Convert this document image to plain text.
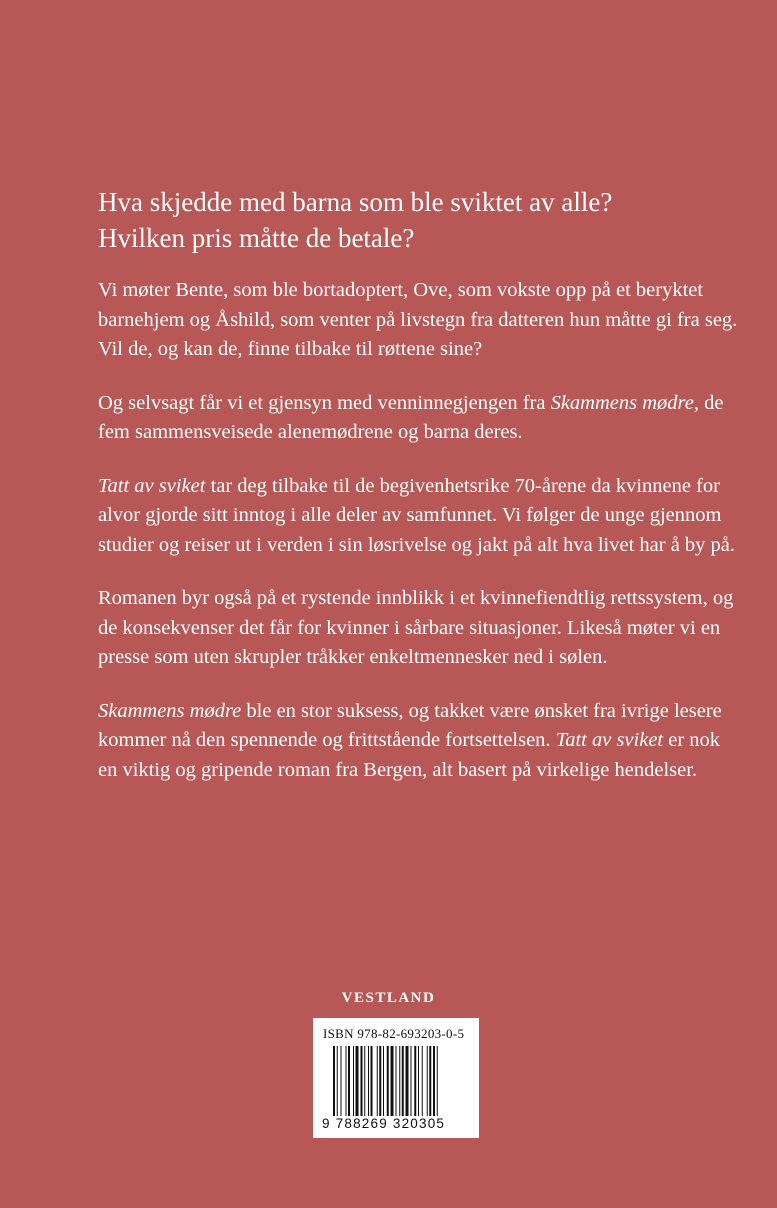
Hva skjedde med barna som ble sviktet av alle?
Hvilken pris måtte de betale?

Vi møter Bente, som ble bortadoptert, Ove, som vokste opp på et beryktet barnehjem og Åshild, som venter på livstegn fra datteren hun måtte gi fra seg. Vil de, og kan de, finne tilbake til røttene sine?

Og selvsagt får vi et gjensyn med venninnegjengen fra Skammens mødre, de fem sammensveisede alenemødrene og barna deres.

Tatt av sviket tar deg tilbake til de begivenhetsrike 70-årene da kvinnene for alvor gjorde sitt inntog i alle deler av samfunnet. Vi følger de unge gjennom studier og reiser ut i verden i sin løsrivelse og jakt på alt hva livet har å by på.

Romanen byr også på et rystende innblikk i et kvinnefiendtlig rettssystem, og de konsekvenser det får for kvinner i sårbare situasjoner. Likeså møter vi en presse som uten skrupler tråkker enkeltmennesker ned i sølen.

Skammens mødre ble en stor suksess, og takket være ønsket fra ivrige lesere kommer nå den spennende og frittstående fortsettelsen. Tatt av sviket er nok en viktig og gripende roman fra Bergen, alt basert på virkelige hendelser.

VESTLAND
ISBN 978-82-693203-0-5
9 788269 320305
